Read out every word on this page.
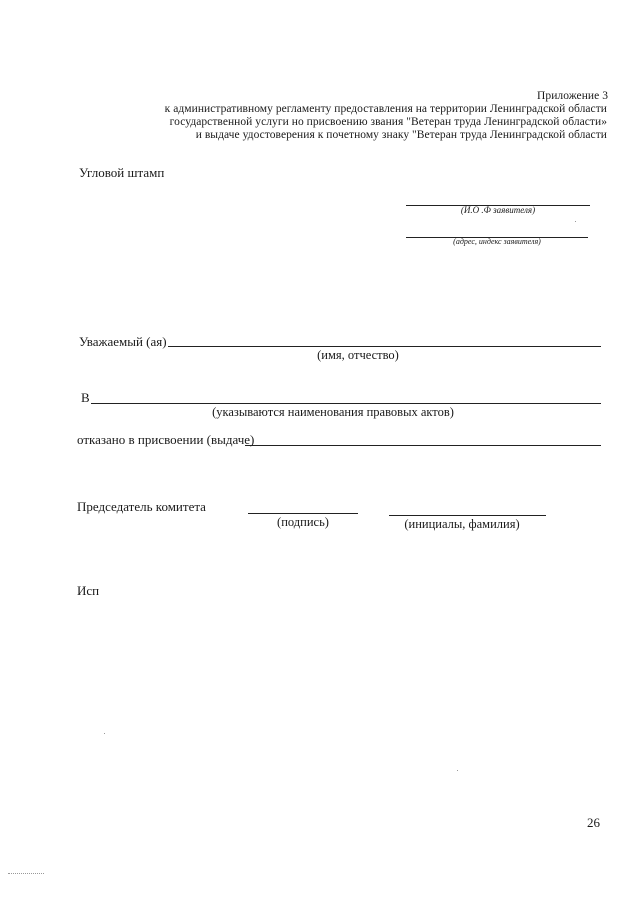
Приложение 3
к административному регламенту предоставления на территории Ленинградской области
государственной услуги но присвоению звания "Ветеран труда Ленинградской области»
и выдаче удостоверения к почетному знаку "Ветеран труда Ленинградской области
Угловой штамп
(И.О .Ф заявителя)
(адрес, индекс заявителя)
Уважаемый (ая)
(имя, отчество)
В
(указываются наименования правовых актов)
отказано в присвоении (выдаче)
Председатель комитета
(подпись)	(инициалы, фамилия)
Исп
26
